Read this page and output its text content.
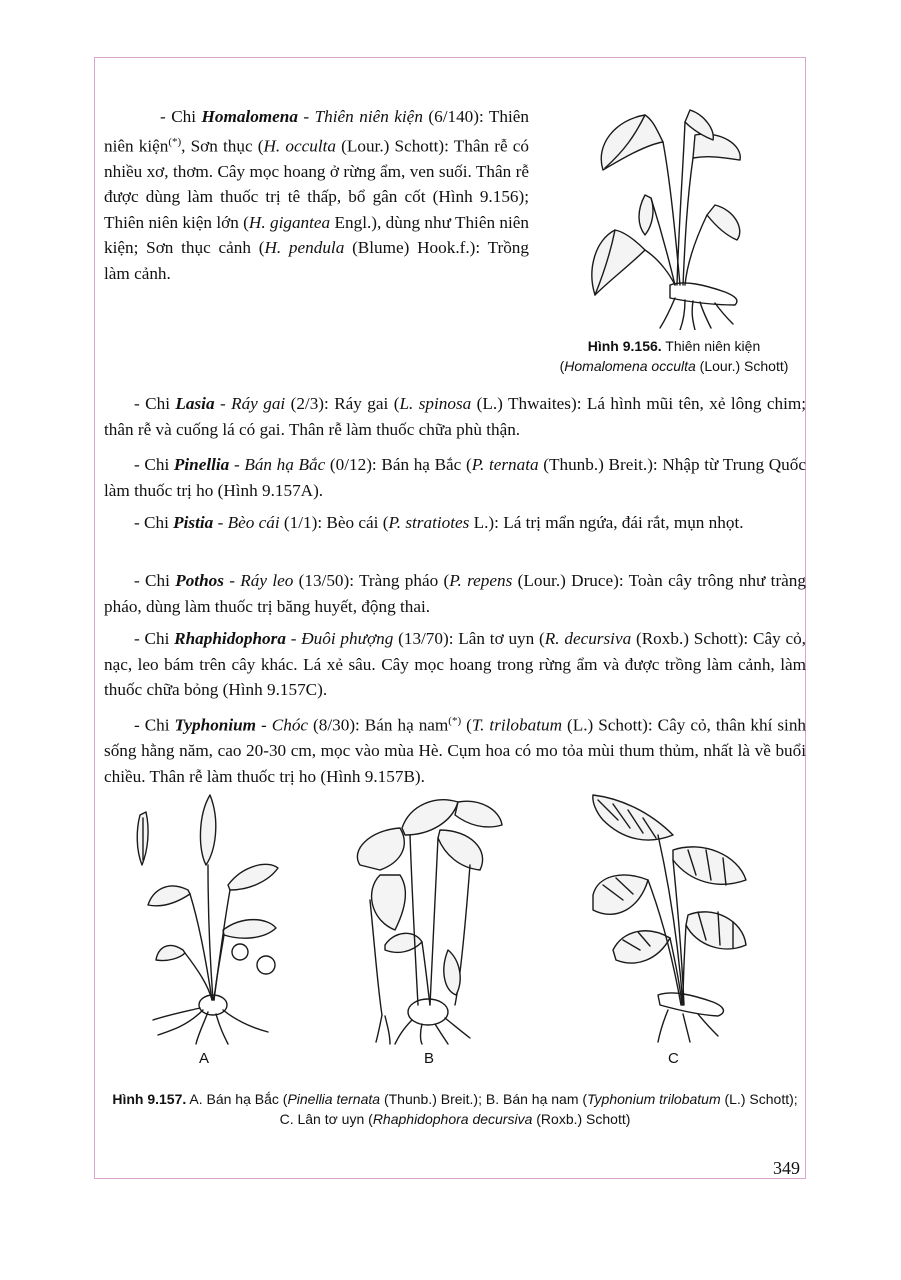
- Chi Homalomena - Thiên niên kiện (6/140): Thiên niên kiện(*), Sơn thục (H. occulta (Lour.) Schott): Thân rễ có nhiều xơ, thơm. Cây mọc hoang ở rừng ẩm, ven suối. Thân rễ được dùng làm thuốc trị tê thấp, bổ gân cốt (Hình 9.156); Thiên niên kiện lớn (H. gigantea Engl.), dùng như Thiên niên kiện; Sơn thục cảnh (H. pendula (Blume) Hook.f.): Trồng làm cảnh.

Hình 9.156. Thiên niên kiện
(Homalomena occulta (Lour.) Schott)

- Chi Lasia - Ráy gai (2/3): Ráy gai (L. spinosa (L.) Thwaites): Lá hình mũi tên, xẻ lông chim; thân rễ và cuống lá có gai. Thân rễ làm thuốc chữa phù thận.

- Chi Pinellia - Bán hạ Bắc (0/12): Bán hạ Bắc (P. ternata (Thunb.) Breit.): Nhập từ Trung Quốc làm thuốc trị ho (Hình 9.157A).

- Chi Pistia - Bèo cái (1/1): Bèo cái (P. stratiotes L.): Lá trị mẩn ngứa, đái rắt, mụn nhọt.

- Chi Pothos - Ráy leo (13/50): Tràng pháo (P. repens (Lour.) Druce): Toàn cây trông như tràng pháo, dùng làm thuốc trị băng huyết, động thai.

- Chi Rhaphidophora - Đuôi phượng (13/70): Lân tơ uyn (R. decursiva (Roxb.) Schott): Cây cỏ, nạc, leo bám trên cây khác. Lá xẻ sâu. Cây mọc hoang trong rừng ẩm và được trồng làm cảnh, làm thuốc chữa bỏng (Hình 9.157C).

- Chi Typhonium - Chóc (8/30): Bán hạ nam(*) (T. trilobatum (L.) Schott): Cây cỏ, thân khí sinh sống hằng năm, cao 20-30 cm, mọc vào mùa Hè. Cụm hoa có mo tỏa mùi thum thủm, nhất là về buổi chiều. Thân rễ làm thuốc trị ho (Hình 9.157B).

A	B	C

Hình 9.157. A. Bán hạ Bắc (Pinellia ternata (Thunb.) Breit.); B. Bán hạ nam (Typhonium trilobatum (L.) Schott); C. Lân tơ uyn (Rhaphidophora decursiva (Roxb.) Schott)

349
